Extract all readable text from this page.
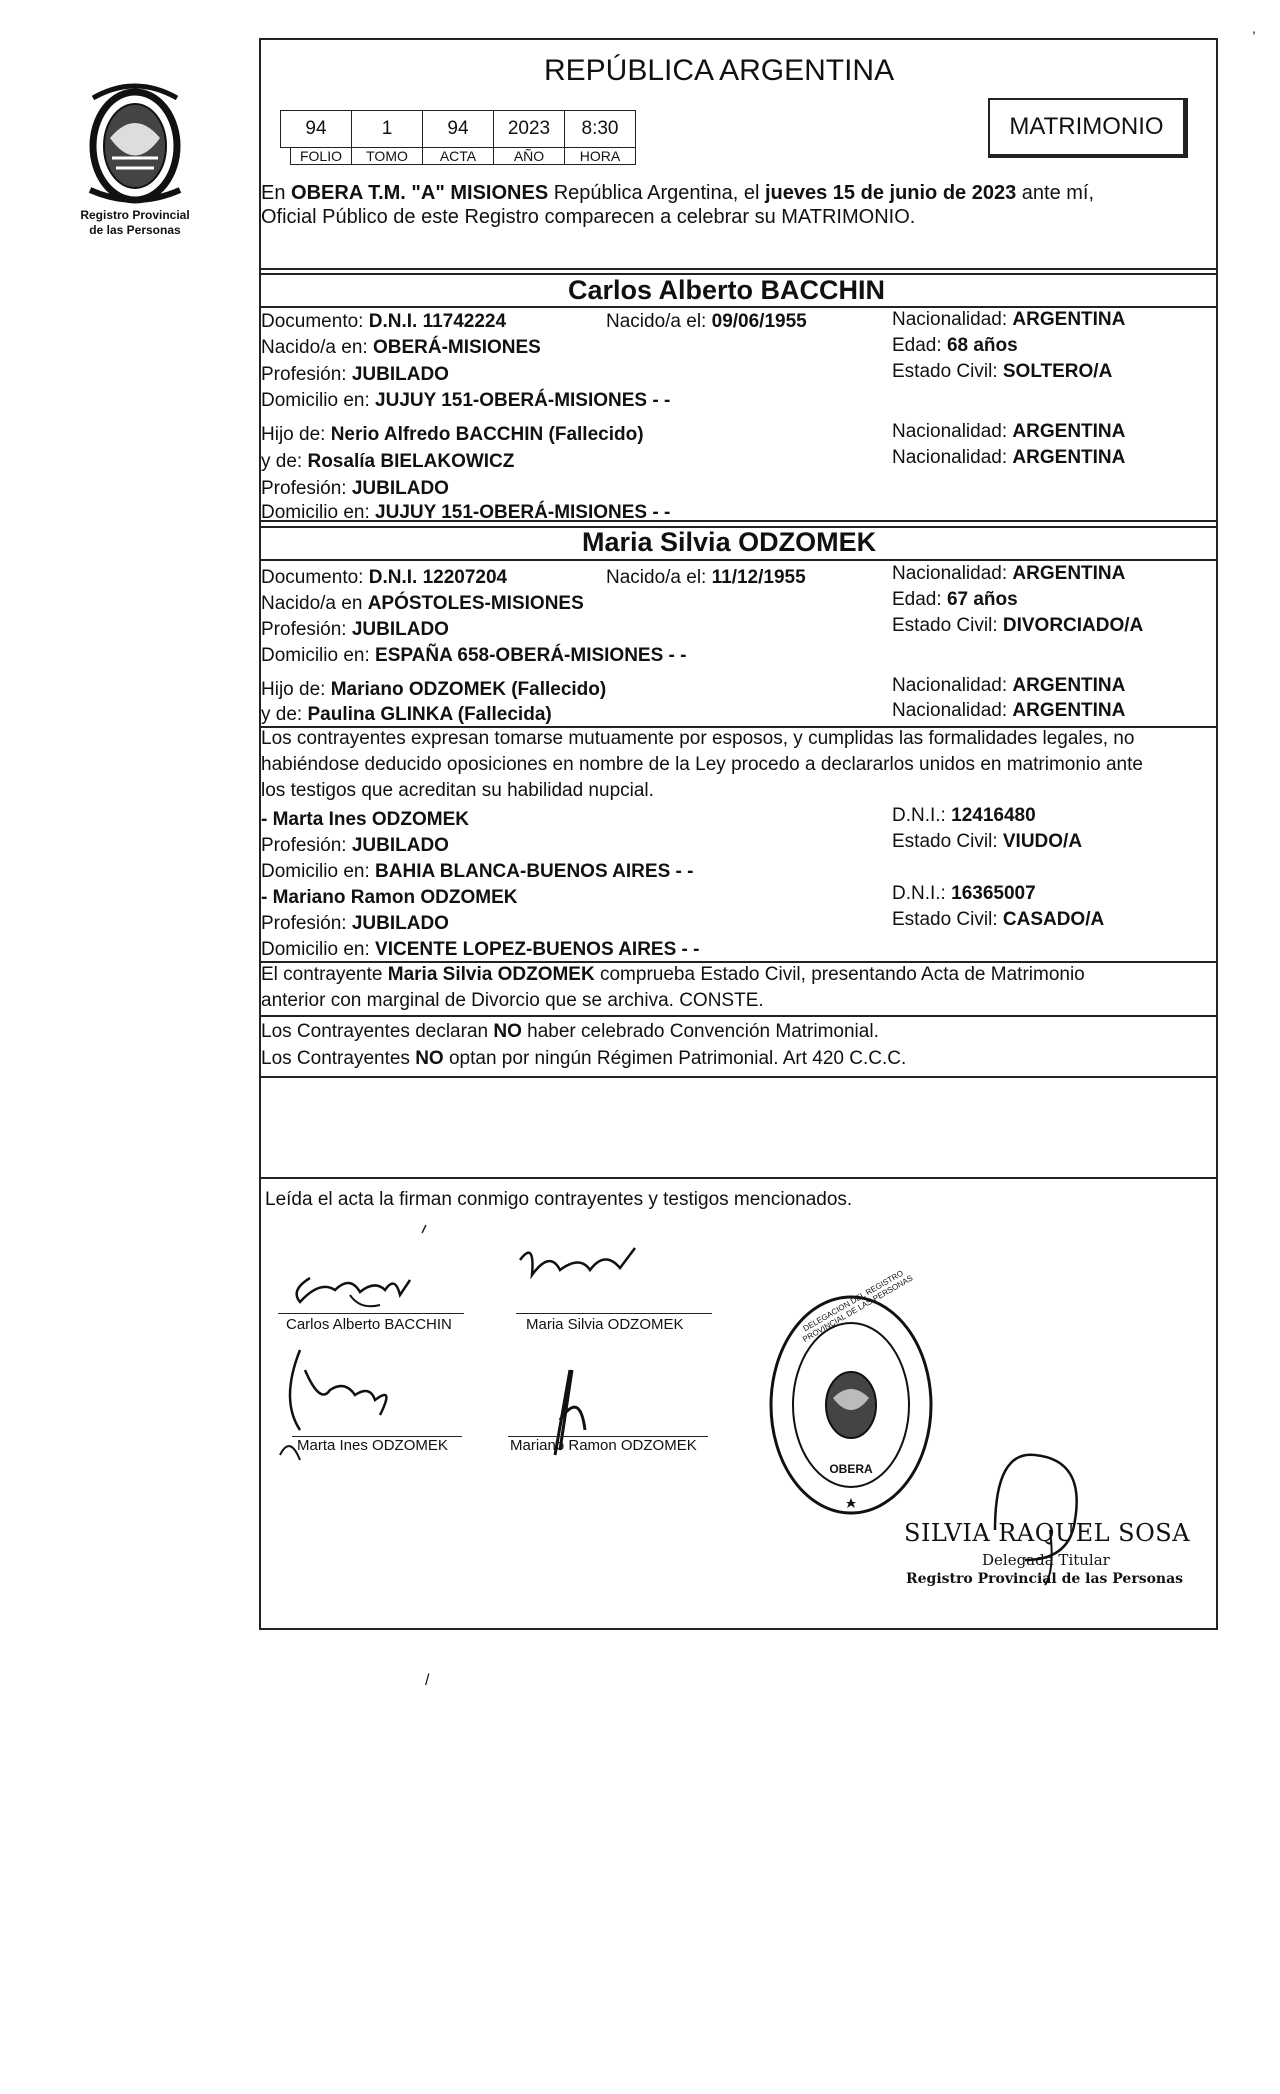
Registro Provincial
de las Personas
,
REPÚBLICA ARGENTINA
94	1	94	2023	8:30
FOLIO	TOMO	ACTA	AÑO	HORA
MATRIMONIO
En OBERA T.M. "A" MISIONES República Argentina, el jueves 15 de junio de 2023 ante mí,
Oficial Público de este Registro comparecen a celebrar su MATRIMONIO.
Carlos Alberto BACCHIN
Documento: D.N.I. 11742224	Nacido/a el: 09/06/1955	Nacionalidad: ARGENTINA
Nacido/a en: OBERÁ-MISIONES	Edad: 68 años
Profesión: JUBILADO	Estado Civil: SOLTERO/A
Domicilio en: JUJUY 151-OBERÁ-MISIONES - -
Hijo de: Nerio Alfredo BACCHIN (Fallecido)	Nacionalidad: ARGENTINA
y de: Rosalía BIELAKOWICZ	Nacionalidad: ARGENTINA
Profesión: JUBILADO
Domicilio en: JUJUY 151-OBERÁ-MISIONES - -
Maria Silvia ODZOMEK
Documento: D.N.I. 12207204	Nacido/a el: 11/12/1955	Nacionalidad: ARGENTINA
Nacido/a en APÓSTOLES-MISIONES	Edad: 67 años
Profesión: JUBILADO	Estado Civil: DIVORCIADO/A
Domicilio en: ESPAÑA 658-OBERÁ-MISIONES - -
Hijo de: Mariano ODZOMEK (Fallecido)	Nacionalidad: ARGENTINA
y de: Paulina GLINKA (Fallecida)	Nacionalidad: ARGENTINA
Los contrayentes expresan tomarse mutuamente por esposos, y cumplidas las formalidades legales, no
habiéndose deducido oposiciones en nombre de la Ley procedo a declararlos unidos en matrimonio ante
los testigos que acreditan su habilidad nupcial.
- Marta Ines ODZOMEK	D.N.I.: 12416480
Profesión: JUBILADO	Estado Civil: VIUDO/A
Domicilio en: BAHIA BLANCA-BUENOS AIRES - -
- Mariano Ramon ODZOMEK	D.N.I.: 16365007
Profesión: JUBILADO	Estado Civil: CASADO/A
Domicilio en: VICENTE LOPEZ-BUENOS AIRES - -
El contrayente Maria Silvia ODZOMEK comprueba Estado Civil, presentando Acta de Matrimonio
anterior con marginal de Divorcio que se archiva. CONSTE.
Los Contrayentes declaran NO haber celebrado Convención Matrimonial.
Los Contrayentes NO optan por ningún Régimen Patrimonial. Art 420 C.C.C.
Leída el acta la firman conmigo contrayentes y testigos mencionados.
Carlos Alberto BACCHIN	Maria Silvia ODZOMEK
Marta Ines ODZOMEK	Mariano Ramon ODZOMEK
DELEGACION DEL REGISTRO PROVINCIAL DE LAS PERSONAS
OBERA
SILVIA RAQUEL SOSA
Delegada Titular
Registro Provincial de las Personas
/
